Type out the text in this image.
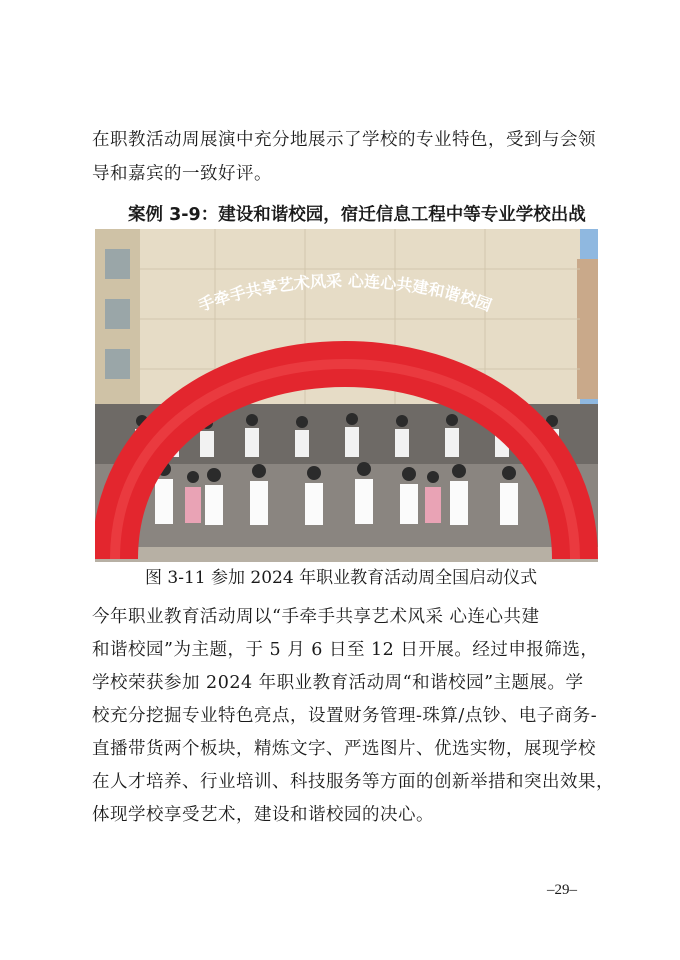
在职教活动周展演中充分地展示了学校的专业特色，受到与会领
导和嘉宾的一致好评。
案例 3-9：建设和谐校园，宿迁信息工程中等专业学校出战
手牵手共享艺术风采 心连心共建和谐校园
图 3-11 参加 2024 年职业教育活动周全国启动仪式
今年职业教育活动周以“手牵手共享艺术风采 心连心共建
和谐校园”为主题，于 5 月 6 日至 12 日开展。经过申报筛选，
学校荣获参加 2024 年职业教育活动周“和谐校园”主题展。学
校充分挖掘专业特色亮点，设置财务管理-珠算/点钞、电子商务-
直播带货两个板块，精炼文字、严选图片、优选实物，展现学校
在人才培养、行业培训、科技服务等方面的创新举措和突出效果，
体现学校享受艺术，建设和谐校园的决心。
–29–
